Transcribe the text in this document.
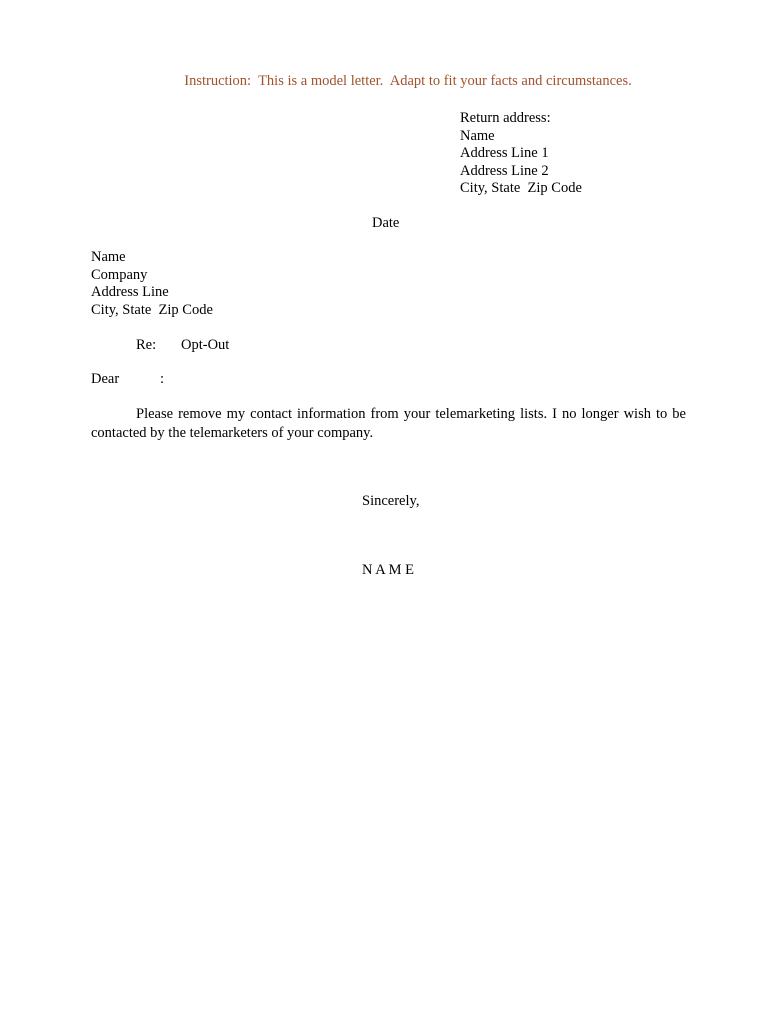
Instruction:  This is a model letter.  Adapt to fit your facts and circumstances.
Return address:
Name
Address Line 1
Address Line 2
City, State  Zip Code
Date
Name
Company
Address Line
City, State  Zip Code
Re: Opt-Out
Dear	:
Please remove my contact information from your telemarketing lists. I no longer wish to be contacted by the telemarketers of your company.
Sincerely,
N A M E
